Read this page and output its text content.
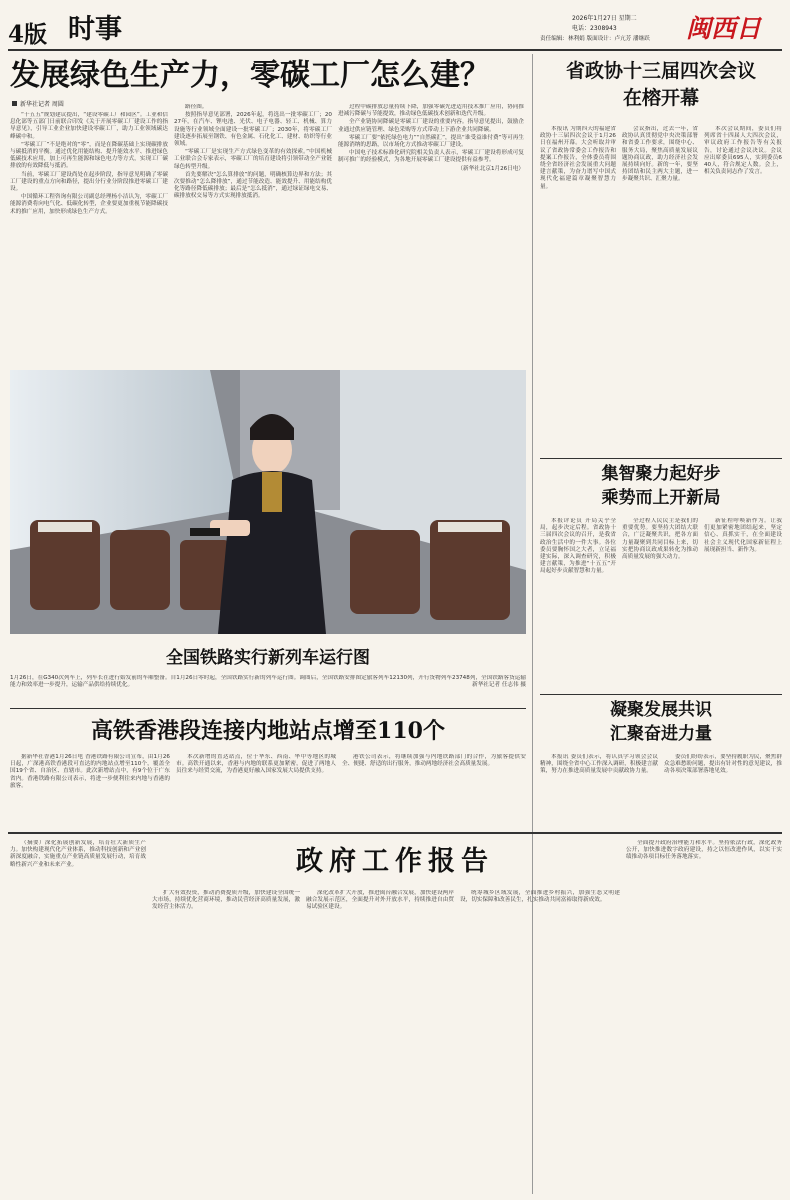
4版 时事	2026年1月27日 星期二
电话：2308943
责任编辑：林利娟 版面设计：卢亢芳 潘继跃	闽西日
发展绿色生产力，零碳工厂怎么建？
新华社记者 周圆

“十五五”规划建议提出，“建设零碳工厂和园区”。工业和信息化部等五部门日前联合印发《关于开展零碳工厂建设工作的指导意见》，引导工业企业加快建设零碳工厂，助力工业领域碳达峰碳中和。

“零碳工厂”不是绝对的“零”，而是在降碳基础上实现碳排放与碳抵消的平衡。通过优化用能结构、提升能效水平、推进绿色低碳技术应用，加上可再生能源和绿色电力等方式，实现工厂碳排放的有效降低与抵消。

当前，零碳工厂建设尚处在起步阶段，指导意见明确了零碳工厂建设的重点方向和路径，提出分行业分阶段推进零碳工厂建设。

中国循环工程咨询有限公司副总经理杨小洁认为，零碳工厂能源消费将向电气化、低碳化转型，企业要更加重视节能降碳技术的推广应用，加快形成绿色生产方式。

路径图。

按照指导意见部署，2026年起，将选出一批零碳工厂；2027年，在汽车、锂电池、光伏、电子电器、轻工、机械、算力设施等行业领域全面建设一批零碳工厂；2030年，将零碳工厂建设逐步拓展至钢铁、有色金属、石化化工、建材、纺织等行业领域。

“零碳工厂是实现生产方式绿色变革的有效探索。”中国机械工业联合会专家表示，零碳工厂的培育建设将引领带动全产业链绿色转型升级。

首先要解决“怎么算排放”的问题，明确核算边界和方法；其次要推动“怎么降排放”，通过节能改造、能效提升、用能结构优化等路径降低碳排放；最后是“怎么抵消”，通过绿证绿电交易、碳排放权交易等方式实现排放抵消。

过程中碳排放总量持续下降，加强零碳先进适用技术推广应用，协同推进减污降碳与节能提效，推动绿色低碳技术创新和迭代升级。

全产业链协同降碳是零碳工厂建设的重要内容。指导意见提出，鼓励企业通过供应链管理、绿色采购等方式带动上下游企业共同降碳。

零碳工厂要“依托绿色电力”“自然碳汇”，提出“谁受益谁付费”等可再生能源消纳的思路，以市场化方式推动零碳工厂建设。

中国电子技术标准化研究院相关负责人表示，零碳工厂建设将形成可复制可推广的经验模式，为各地开展零碳工厂建设提供有益参考。

（新华社北京1月26日电）

全国铁路实行新列车运行图
1月26日，在G340次列车上，列车长在进行始发前的车厢整备。自1月26日零时起，全国铁路实行新的列车运行图。调图后，全国铁路安排图定旅客列车12130列，开行货物列车23748列，全国铁路客货运输能力和效率进一步提升，运输产品供给持续优化。	新华社记者 任志伟 摄
高铁香港段连接内地站点增至110个

据新华社香港1月26日电 香港铁路有限公司宣布，由1月26日起，广深港高铁香港段可直达的内地站点增至110个，覆盖全国19个省、自治区、直辖市。此次新增站点中，有9个位于广东省内。香港铁路有限公司表示，将进一步便利往来内地与香港的旅客。

本次新增的直达站点，位于华东、西南、华中等地区的城市。高铁开通以来，香港与内地的联系更加紧密，促进了两地人员往来与经贸交流，为香港更好融入国家发展大局提供支持。

港铁公司表示，将继续加强与内地铁路部门的合作，为旅客提供安全、便捷、舒适的出行服务，推动两地经济社会高质量发展。

省政协十三届四次会议在榕开幕

本报讯 为期四天的福建省政协十三届四次会议于1月26日在福州开幕。大会听取并审议了省政协常委会工作报告和提案工作报告，全体委员将围绕全省经济社会发展重大问题建言献策，为奋力谱写中国式现代化福建篇章凝聚智慧力量。

会议指出，过去一年，省政协认真贯彻党中央决策部署和省委工作要求，围绕中心、服务大局，聚焦高质量发展议题协商议政，助力经济社会发展持续向好。新的一年，要坚持团结和民主两大主题，进一步凝聚共识、汇聚力量。

本次会议期间，委员们将列席省十四届人大四次会议，审议政府工作报告等有关报告，讨论通过会议决议。会议应出席委员695人，实到委员640人，符合规定人数。会上，相关负责同志作了发言。

集智聚力起好步
乘势而上开新局

本报评论员 开局关乎全局，起步决定后程。省政协十三届四次会议的召开，是我省政治生活中的一件大事。各位委员要胸怀国之大者，立足福建实际，深入调查研究，积极建言献策，为推进“十五五”开局起好步贡献智慧和力量。

全过程人民民主是我们的重要优势。要坚持大团结大联合，广泛凝聚共识，把各方面力量凝聚到共同目标上来，切实把协商议政成果转化为推动高质量发展的强大动力。

新征程呼唤新作为。让我们更加紧密地团结起来，坚定信心、真抓实干，在全面建设社会主义现代化国家新征程上展现新担当、新作为。

凝聚发展共识
汇聚奋进力量

本报讯 委员们表示，将认真学习领会会议精神，围绕全省中心工作深入调研，积极建言献策，努力在推进高质量发展中贡献政协力量。

委员们纷纷表示，要坚持履职为民，聚焦群众急难愁盼问题，提出有针对性的意见建议，推动各项决策部署落地见效。

政府工作报告

（摘要）深化拓展创新发展，培育壮大新质生产力。加快构建现代化产业体系，推动科技创新和产业创新深度融合，实施重点产业链高质量发展行动，培育战略性新兴产业和未来产业。

扩大有效投资，推动消费提质升级，加快建设全国统一大市场，持续优化营商环境，推动民营经济高质量发展，激发经营主体活力。

深化改革扩大开放，推进闽台融合发展，加快建设两岸融合发展示范区，全面提升对外开放水平，持续推进自由贸易试验区建设。

统筹城乡区域发展，全面推进乡村振兴，加强生态文明建设，切实保障和改善民生，扎实推动共同富裕取得新成效。

全面提升政府治理能力和水平。坚持依法行政，深化政务公开，加快推进数字政府建设，持之以恒改进作风，以实干实绩推动各项目标任务落地落实。
